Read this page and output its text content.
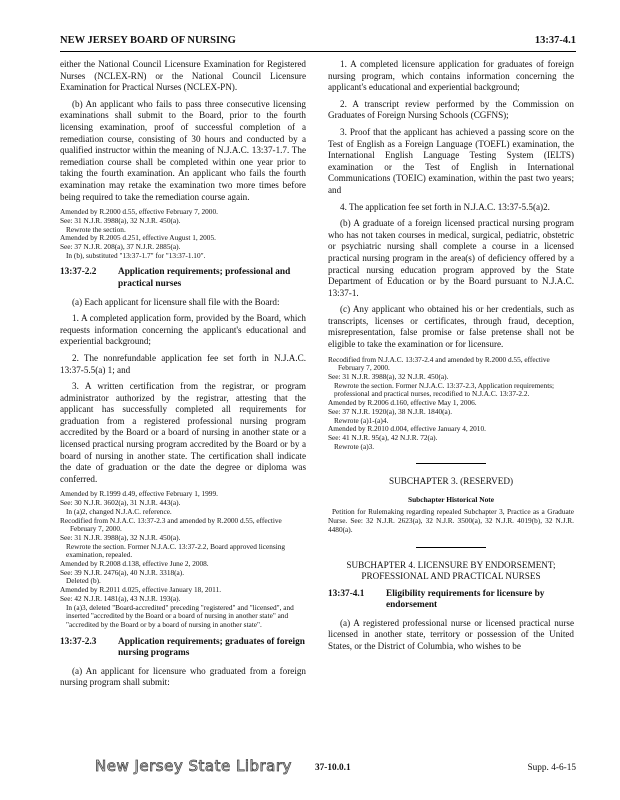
NEW JERSEY BOARD OF NURSING	13:37-4.1

either the National Council Licensure Examination for Registered Nurses (NCLEX-RN) or the National Council Licensure Examination for Practical Nurses (NCLEX-PN).

(b) An applicant who fails to pass three consecutive licensing examinations shall submit to the Board, prior to the fourth licensing examination, proof of successful completion of a remediation course, consisting of 30 hours and conducted by a qualified instructor within the meaning of N.J.A.C. 13:37-1.7. The remediation course shall be completed within one year prior to taking the fourth examination. An applicant who fails the fourth examination may retake the examination two more times before being required to take the remediation course again.

Amended by R.2000 d.55, effective February 7, 2000.
See: 31 N.J.R. 3988(a), 32 N.J.R. 450(a).
Rewrote the section.
Amended by R.2005 d.251, effective August 1, 2005.
See: 37 N.J.R. 208(a), 37 N.J.R. 2885(a).
In (b), substituted "13:37-1.7" for "13:37-1.10".
13:37-2.2	Application requirements; professional and practical nurses

(a) Each applicant for licensure shall file with the Board:

1. A completed application form, provided by the Board, which requests information concerning the applicant's educational and experiential background;

2. The nonrefundable application fee set forth in N.J.A.C. 13:37-5.5(a) 1; and

3. A written certification from the registrar, or program administrator authorized by the registrar, attesting that the applicant has successfully completed all requirements for graduation from a registered professional nursing program accredited by the Board or a board of nursing in another state or a licensed practical nursing program accredited by the Board or by a board of nursing in another state. The certification shall indicate the date of graduation or the date the degree or diploma was conferred.

Amended by R.1999 d.49, effective February 1, 1999.
See: 30 N.J.R. 3602(a), 31 N.J.R. 443(a).
In (a)2, changed N.J.A.C. reference.
Recodified from N.J.A.C. 13:37-2.3 and amended by R.2000 d.55, effective February 7, 2000.
See: 31 N.J.R. 3988(a), 32 N.J.R. 450(a).
Rewrote the section. Former N.J.A.C. 13:37-2.2, Board approved licensing examination, repealed.
Amended by R.2008 d.138, effective June 2, 2008.
See: 39 N.J.R. 2476(a), 40 N.J.R. 3318(a).
Deleted (b).
Amended by R.2011 d.025, effective January 18, 2011.
See: 42 N.J.R. 1481(a), 43 N.J.R. 193(a).
In (a)3, deleted "Board-accredited" preceding "registered" and "licensed", and inserted "accredited by the Board or a board of nursing in another state" and "accredited by the Board or by a board of nursing in another state".
13:37-2.3	Application requirements; graduates of foreign nursing programs

(a) An applicant for licensure who graduated from a foreign nursing program shall submit:

1. A completed licensure application for graduates of foreign nursing program, which contains information concerning the applicant's educational and experiential background;

2. A transcript review performed by the Commission on Graduates of Foreign Nursing Schools (CGFNS);

3. Proof that the applicant has achieved a passing score on the Test of English as a Foreign Language (TOEFL) examination, the International English Language Testing System (IELTS) examination or the Test of English in International Communications (TOEIC) examination, within the past two years; and

4. The application fee set forth in N.J.A.C. 13:37-5.5(a)2.

(b) A graduate of a foreign licensed practical nursing program who has not taken courses in medical, surgical, pediatric, obstetric or psychiatric nursing shall complete a course in a licensed practical nursing program in the area(s) of deficiency offered by a practical nursing education program approved by the State Department of Education or by the Board pursuant to N.J.A.C. 13:37-1.

(c) Any applicant who obtained his or her credentials, such as transcripts, licenses or certificates, through fraud, deception, misrepresentation, false promise or false pretense shall not be eligible to take the examination or for licensure.

Recodified from N.J.A.C. 13:37-2.4 and amended by R.2000 d.55, effective February 7, 2000.
See: 31 N.J.R. 3988(a), 32 N.J.R. 450(a).
Rewrote the section. Former N.J.A.C. 13:37-2.3, Application requirements; professional and practical nurses, recodified to N.J.A.C. 13:37-2.2.
Amended by R.2006 d.160, effective May 1, 2006.
See: 37 N.J.R. 1920(a), 38 N.J.R. 1840(a).
Rewrote (a)1-(a)4.
Amended by R.2010 d.004, effective January 4, 2010.
See: 41 N.J.R. 95(a), 42 N.J.R. 72(a).
Rewrote (a)3.
SUBCHAPTER 3. (RESERVED)
Subchapter Historical Note
Petition for Rulemaking regarding repealed Subchapter 3, Practice as a Graduate Nurse. See: 32 N.J.R. 2623(a), 32 N.J.R. 3500(a), 32 N.J.R. 4019(b), 32 N.J.R. 4480(a).
SUBCHAPTER 4. LICENSURE BY ENDORSEMENT;
PROFESSIONAL AND PRACTICAL NURSES
13:37-4.1	Eligibility requirements for licensure by endorsement

(a) A registered professional nurse or licensed practical nurse licensed in another state, territory or possession of the United States, or the District of Columbia, who wishes to be

New Jersey State Library 37-10.0.1	Supp. 4-6-15
